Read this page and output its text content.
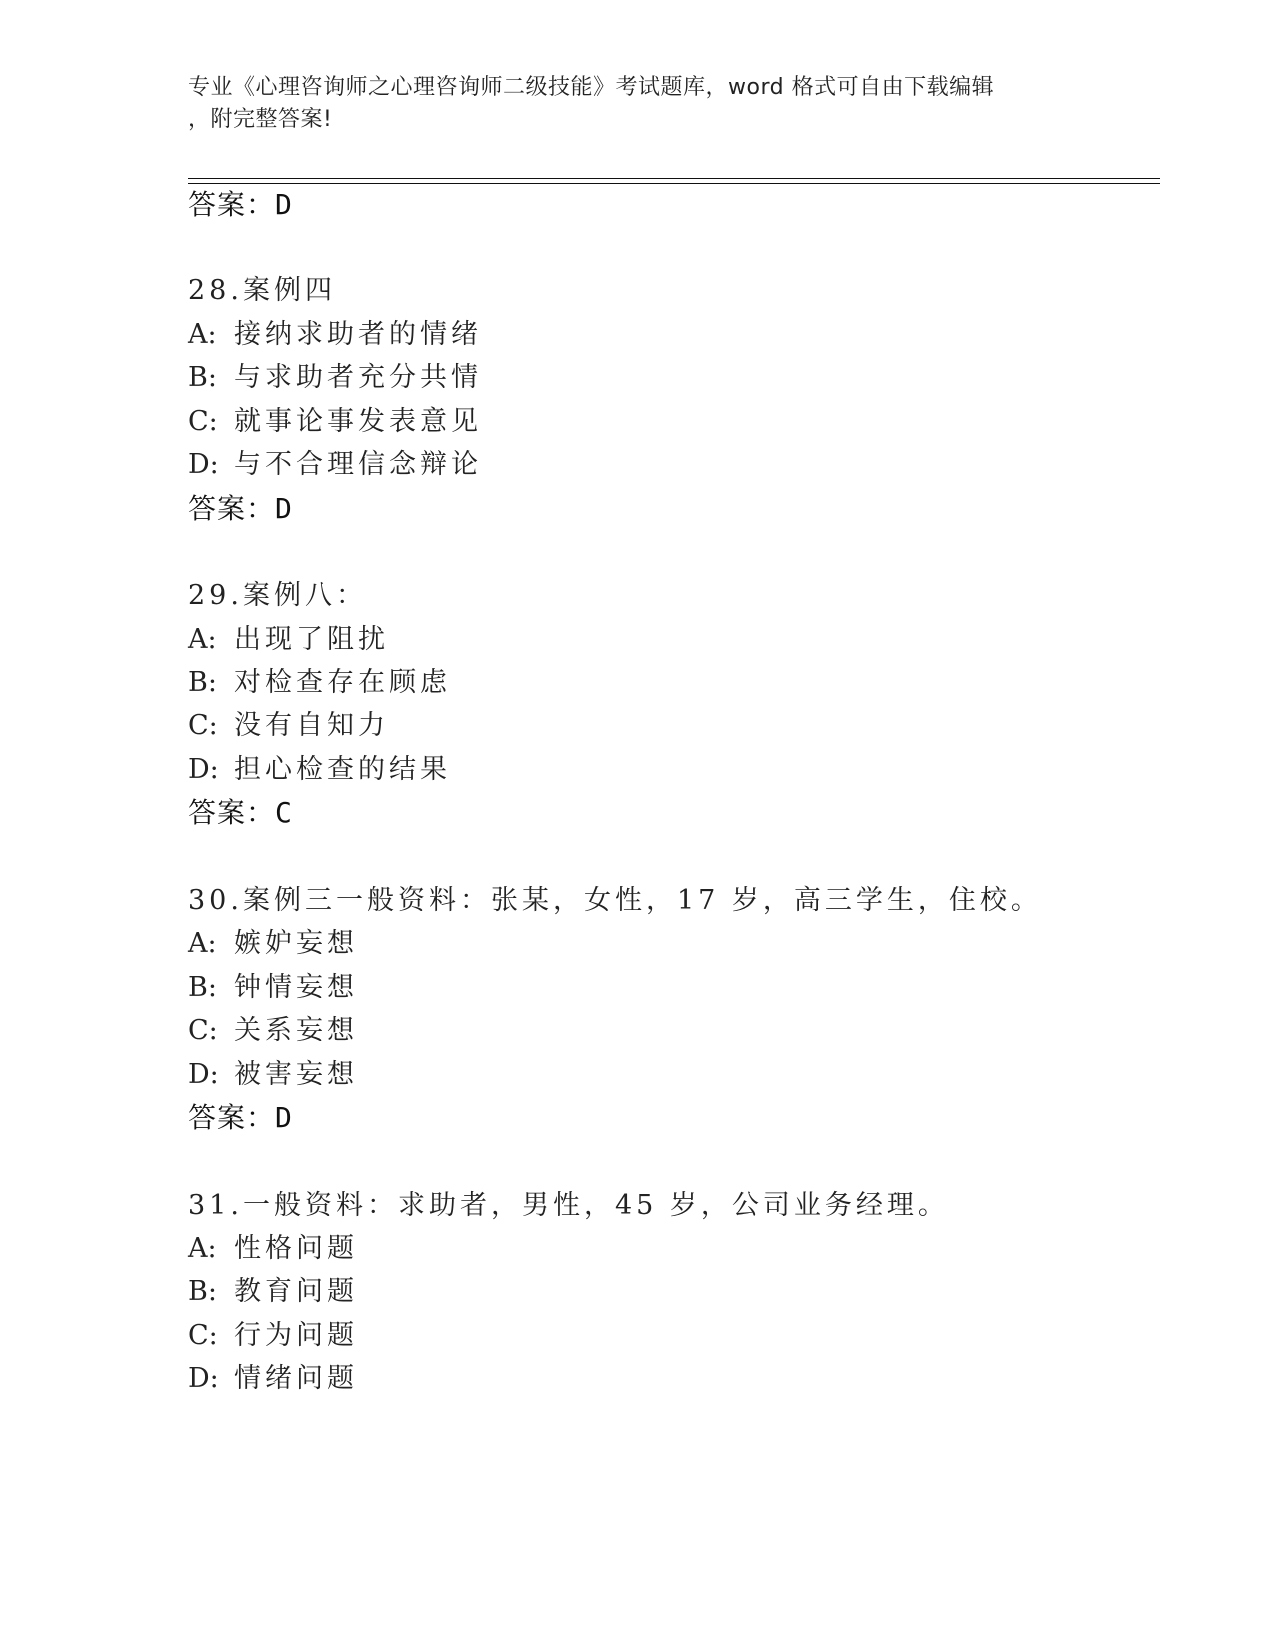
专业《心理咨询师之心理咨询师二级技能》考试题库，word 格式可自由下载编辑
，附完整答案!
答案：D
28.案例四
A: 接纳求助者的情绪
B: 与求助者充分共情
C: 就事论事发表意见
D: 与不合理信念辩论
答案：D
29.案例八：
A: 出现了阻扰
B: 对检查存在顾虑
C: 没有自知力
D: 担心检查的结果
答案：C
30.案例三一般资料：张某，女性，17 岁，高三学生，住校。
A: 嫉妒妄想
B: 钟情妄想
C: 关系妄想
D: 被害妄想
答案：D
31.一般资料：求助者，男性，45 岁，公司业务经理。
A: 性格问题
B: 教育问题
C: 行为问题
D: 情绪问题
